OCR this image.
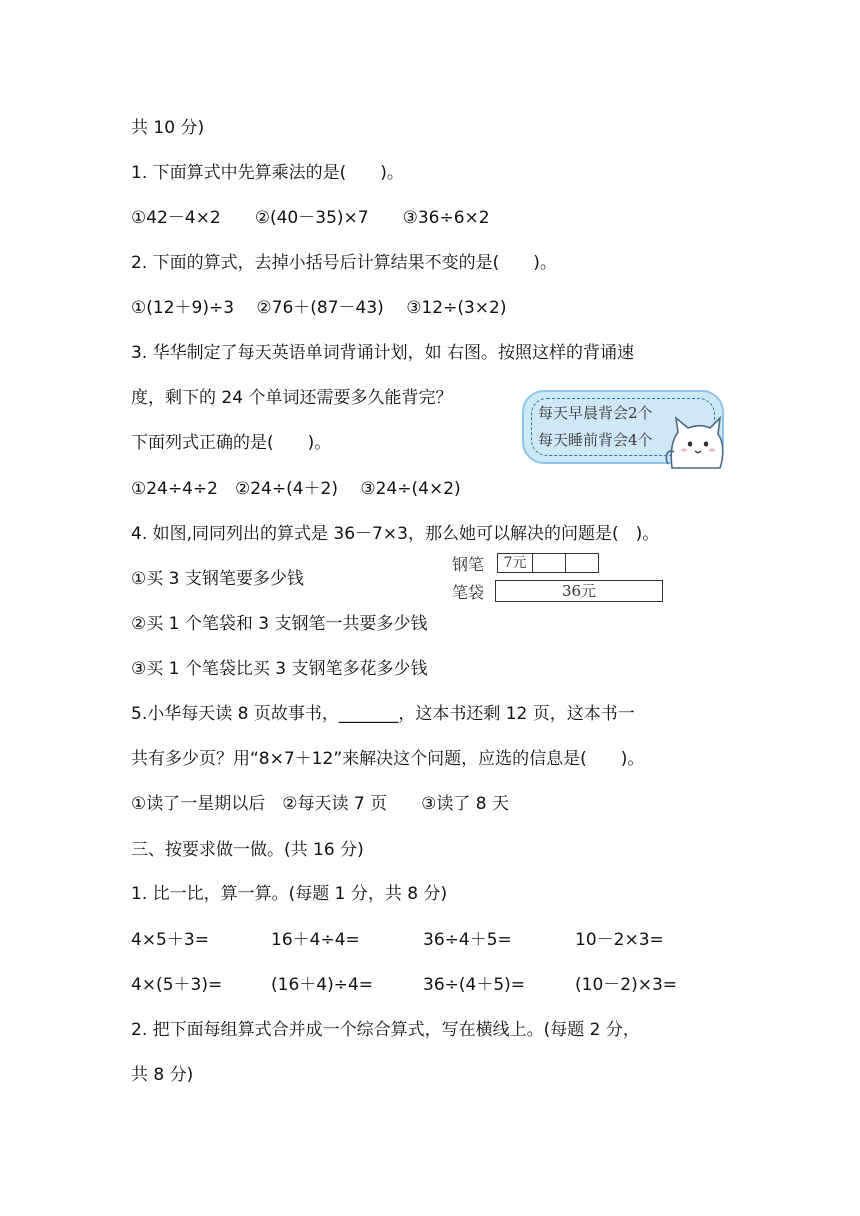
共 10 分)
1. 下面算式中先算乘法的是(　　)。
①42－4×2　　②(40－35)×7　　③36÷6×2
2. 下面的算式，去掉小括号后计算结果不变的是(　　)。
①(12＋9)÷3　 ②76＋(87－43)　 ③12÷(3×2)
3. 华华制定了每天英语单词背诵计划，如 右图。按照这样的背诵速
度，剩下的 24 个单词还需要多久能背完？
下面列式正确的是(　　)。
①24÷4÷2　②24÷(4＋2)　 ③24÷(4×2)
每天早晨背会2个
每天睡前背会4个
4. 如图,同同列出的算式是 36－7×3，那么她可以解决的问题是(　)。
①买 3 支钢笔要多少钱
钢笔	7元
笔袋	36元
②买 1 个笔袋和 3 支钢笔一共要多少钱
③买 1 个笔袋比买 3 支钢笔多花多少钱
5.小华每天读 8 页故事书，_______，这本书还剩 12 页，这本书一
共有多少页？用“8×7＋12”来解决这个问题，应选的信息是(　　)。
①读了一星期以后　②每天读 7 页　　③读了 8 天
三、按要求做一做。(共 16 分)
1. 比一比，算一算。(每题 1 分，共 8 分)
4×5＋3=	16＋4÷4=	36÷4＋5=	10－2×3=
4×(5＋3)=	(16＋4)÷4=	36÷(4＋5)=	(10－2)×3=
2. 把下面每组算式合并成一个综合算式，写在横线上。(每题 2 分，
共 8 分)
